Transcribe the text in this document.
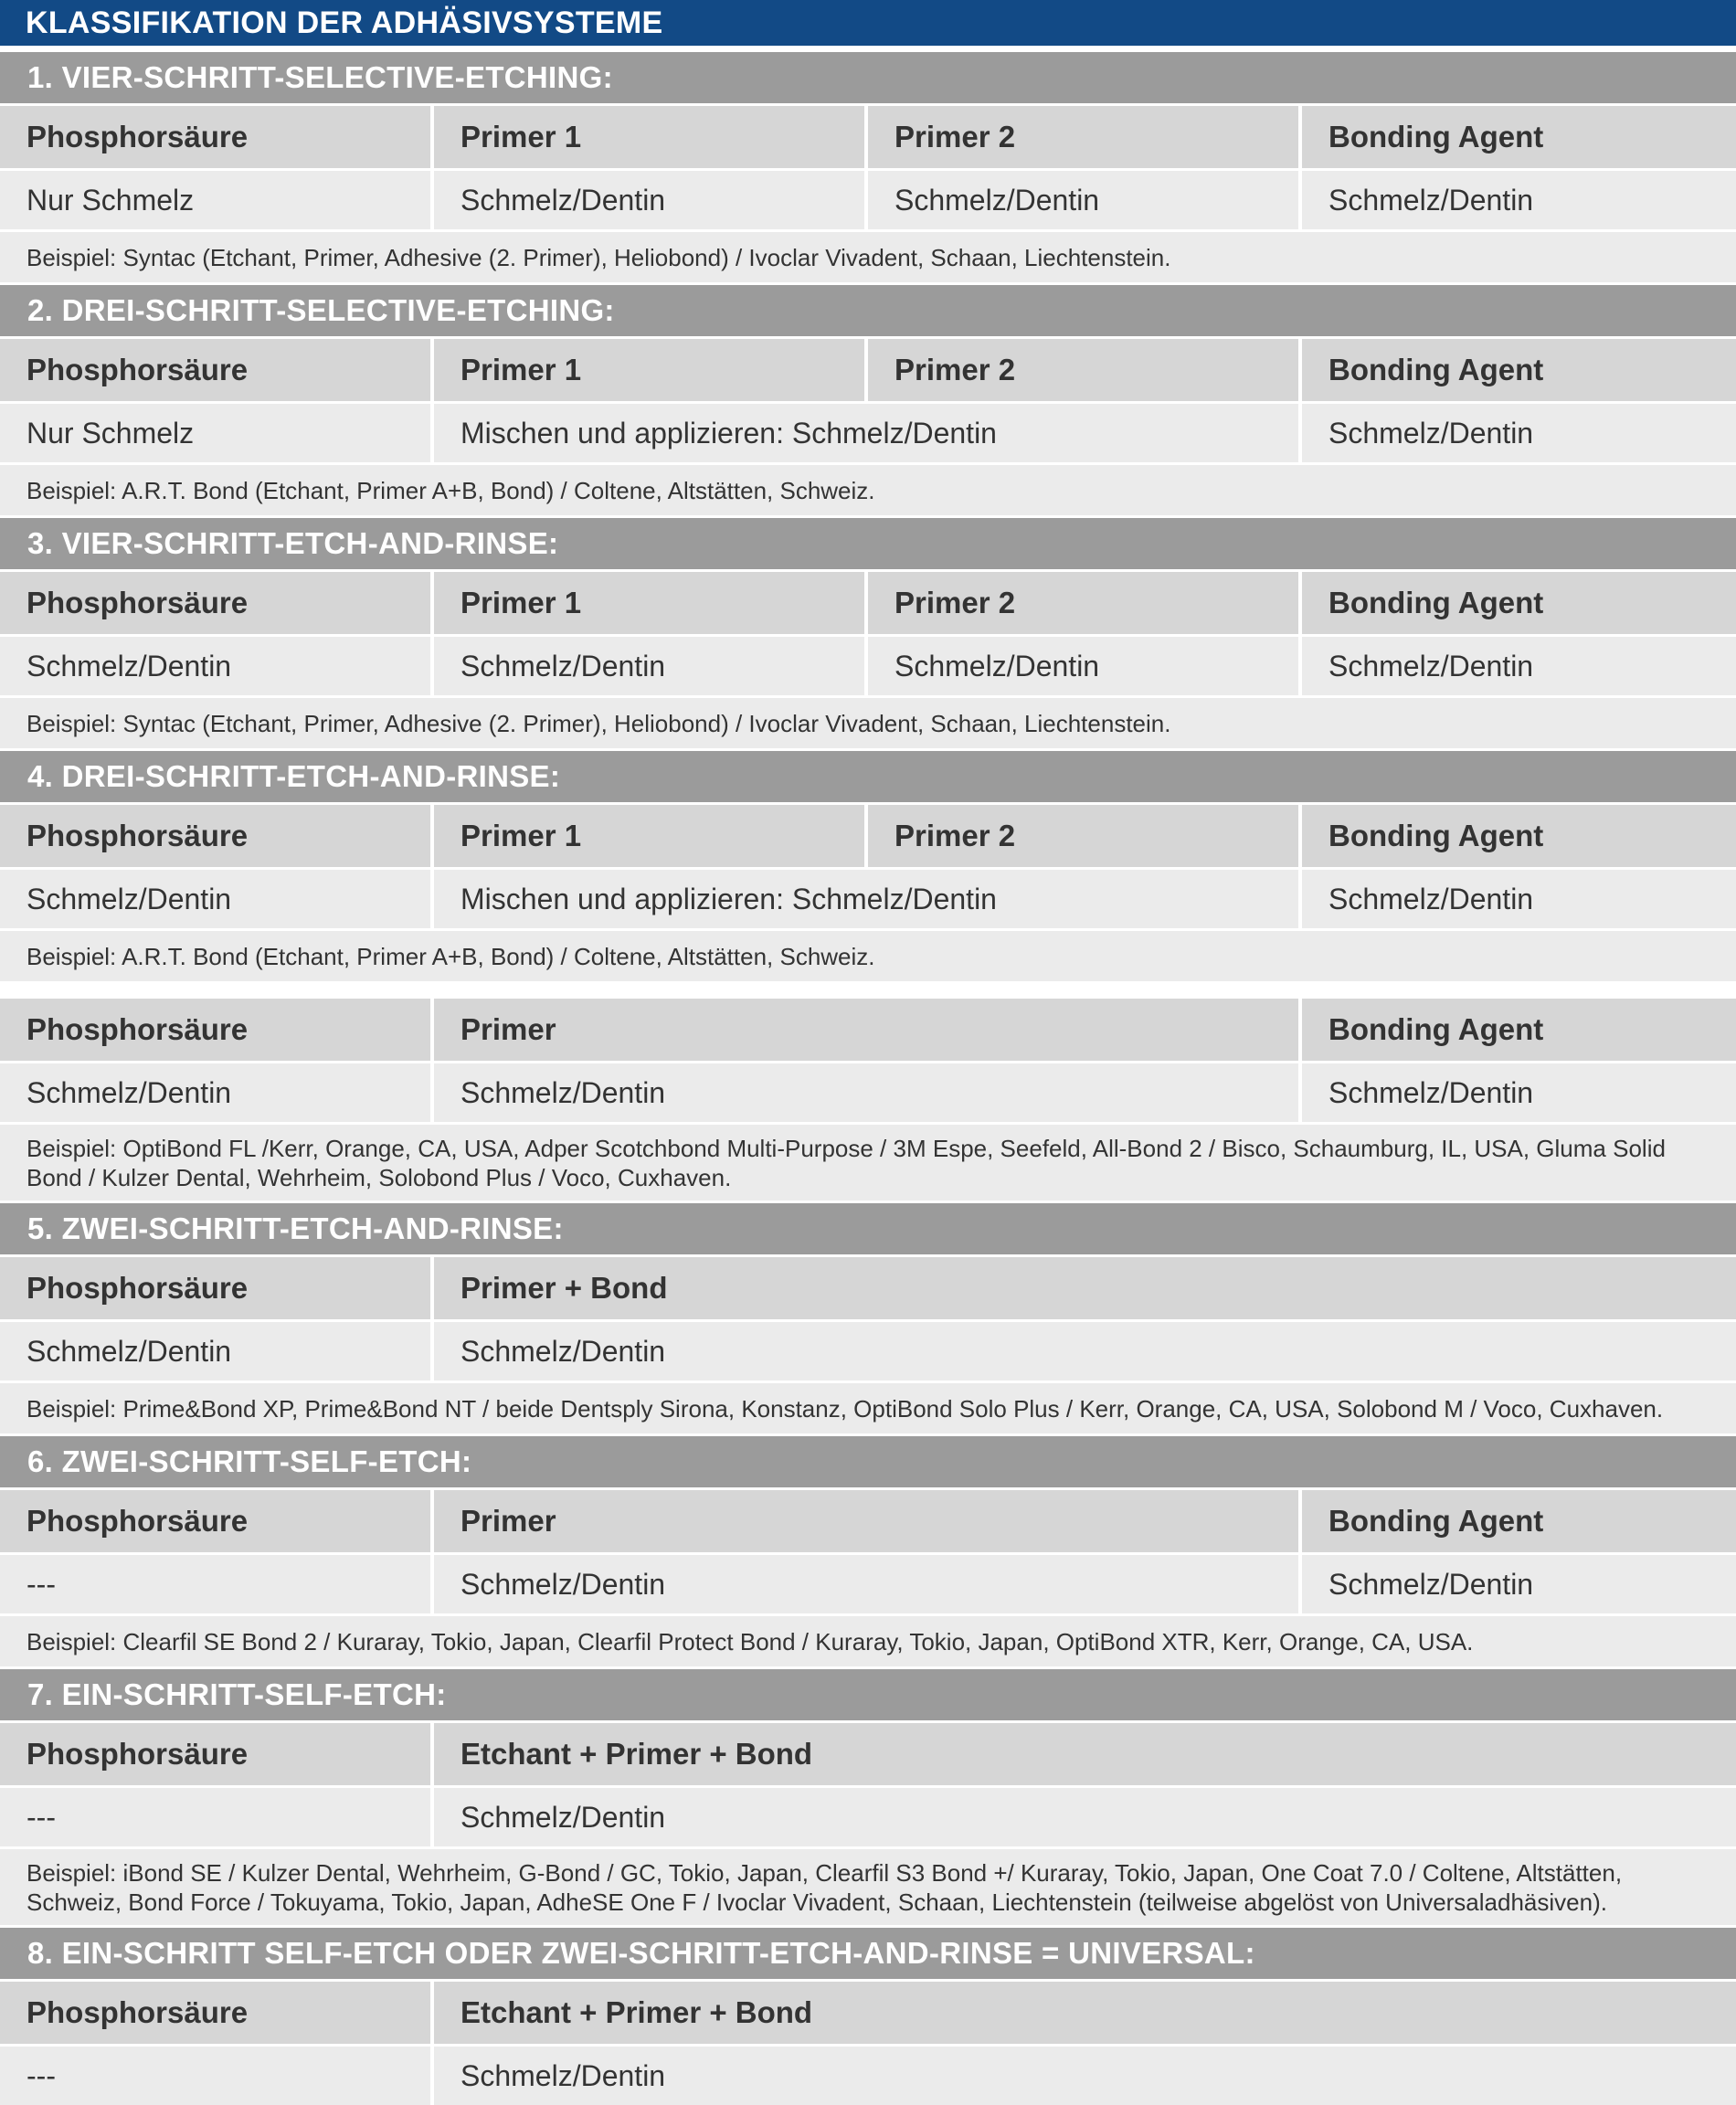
KLASSIFIKATION DER ADHÄSIVSYSTEME
1. VIER-SCHRITT-SELECTIVE-ETCHING:
Phosphorsäure	Primer 1	Primer 2	Bonding Agent
Nur Schmelz	Schmelz/Dentin	Schmelz/Dentin	Schmelz/Dentin
Beispiel: Syntac (Etchant, Primer, Adhesive (2. Primer), Heliobond) / Ivoclar Vivadent, Schaan, Liechtenstein.
2. DREI-SCHRITT-SELECTIVE-ETCHING:
Phosphorsäure	Primer 1	Primer 2	Bonding Agent
Nur Schmelz	Mischen und applizieren: Schmelz/Dentin	Schmelz/Dentin
Beispiel: A.R.T. Bond (Etchant, Primer A+B, Bond) / Coltene, Altstätten, Schweiz.
3. VIER-SCHRITT-ETCH-AND-RINSE:
Phosphorsäure	Primer 1	Primer 2	Bonding Agent
Schmelz/Dentin	Schmelz/Dentin	Schmelz/Dentin	Schmelz/Dentin
Beispiel: Syntac (Etchant, Primer, Adhesive (2. Primer), Heliobond) / Ivoclar Vivadent, Schaan, Liechtenstein.
4. DREI-SCHRITT-ETCH-AND-RINSE:
Phosphorsäure	Primer 1	Primer 2	Bonding Agent
Schmelz/Dentin	Mischen und applizieren: Schmelz/Dentin	Schmelz/Dentin
Beispiel: A.R.T. Bond (Etchant, Primer A+B, Bond) / Coltene, Altstätten, Schweiz.
Phosphorsäure	Primer	Bonding Agent
Schmelz/Dentin	Schmelz/Dentin	Schmelz/Dentin
Beispiel: OptiBond FL /Kerr, Orange, CA, USA, Adper Scotchbond Multi-Purpose / 3M Espe, Seefeld, All-Bond 2 / Bisco, Schaumburg, IL, USA, Gluma Solid Bond / Kulzer Dental, Wehrheim, Solobond Plus / Voco, Cuxhaven.
5. ZWEI-SCHRITT-ETCH-AND-RINSE:
Phosphorsäure	Primer + Bond
Schmelz/Dentin	Schmelz/Dentin
Beispiel: Prime&Bond XP, Prime&Bond NT / beide Dentsply Sirona, Konstanz, OptiBond Solo Plus / Kerr, Orange, CA, USA, Solobond M / Voco, Cuxhaven.
6. ZWEI-SCHRITT-SELF-ETCH:
Phosphorsäure	Primer	Bonding Agent
---	Schmelz/Dentin	Schmelz/Dentin
Beispiel: Clearfil SE Bond 2 / Kuraray, Tokio, Japan, Clearfil Protect Bond / Kuraray, Tokio, Japan, OptiBond XTR, Kerr, Orange, CA, USA.
7. EIN-SCHRITT-SELF-ETCH:
Phosphorsäure	Etchant + Primer + Bond
---	Schmelz/Dentin
Beispiel: iBond SE / Kulzer Dental, Wehrheim, G-Bond / GC, Tokio, Japan, Clearfil S3 Bond +/ Kuraray, Tokio, Japan, One Coat 7.0 / Coltene, Altstätten, Schweiz, Bond Force / Tokuyama, Tokio, Japan, AdheSE One F / Ivoclar Vivadent, Schaan, Liechtenstein (teilweise abgelöst von Universaladhäsiven).
8. EIN-SCHRITT SELF-ETCH ODER ZWEI-SCHRITT-ETCH-AND-RINSE = UNIVERSAL:
Phosphorsäure	Etchant + Primer + Bond
---	Schmelz/Dentin
